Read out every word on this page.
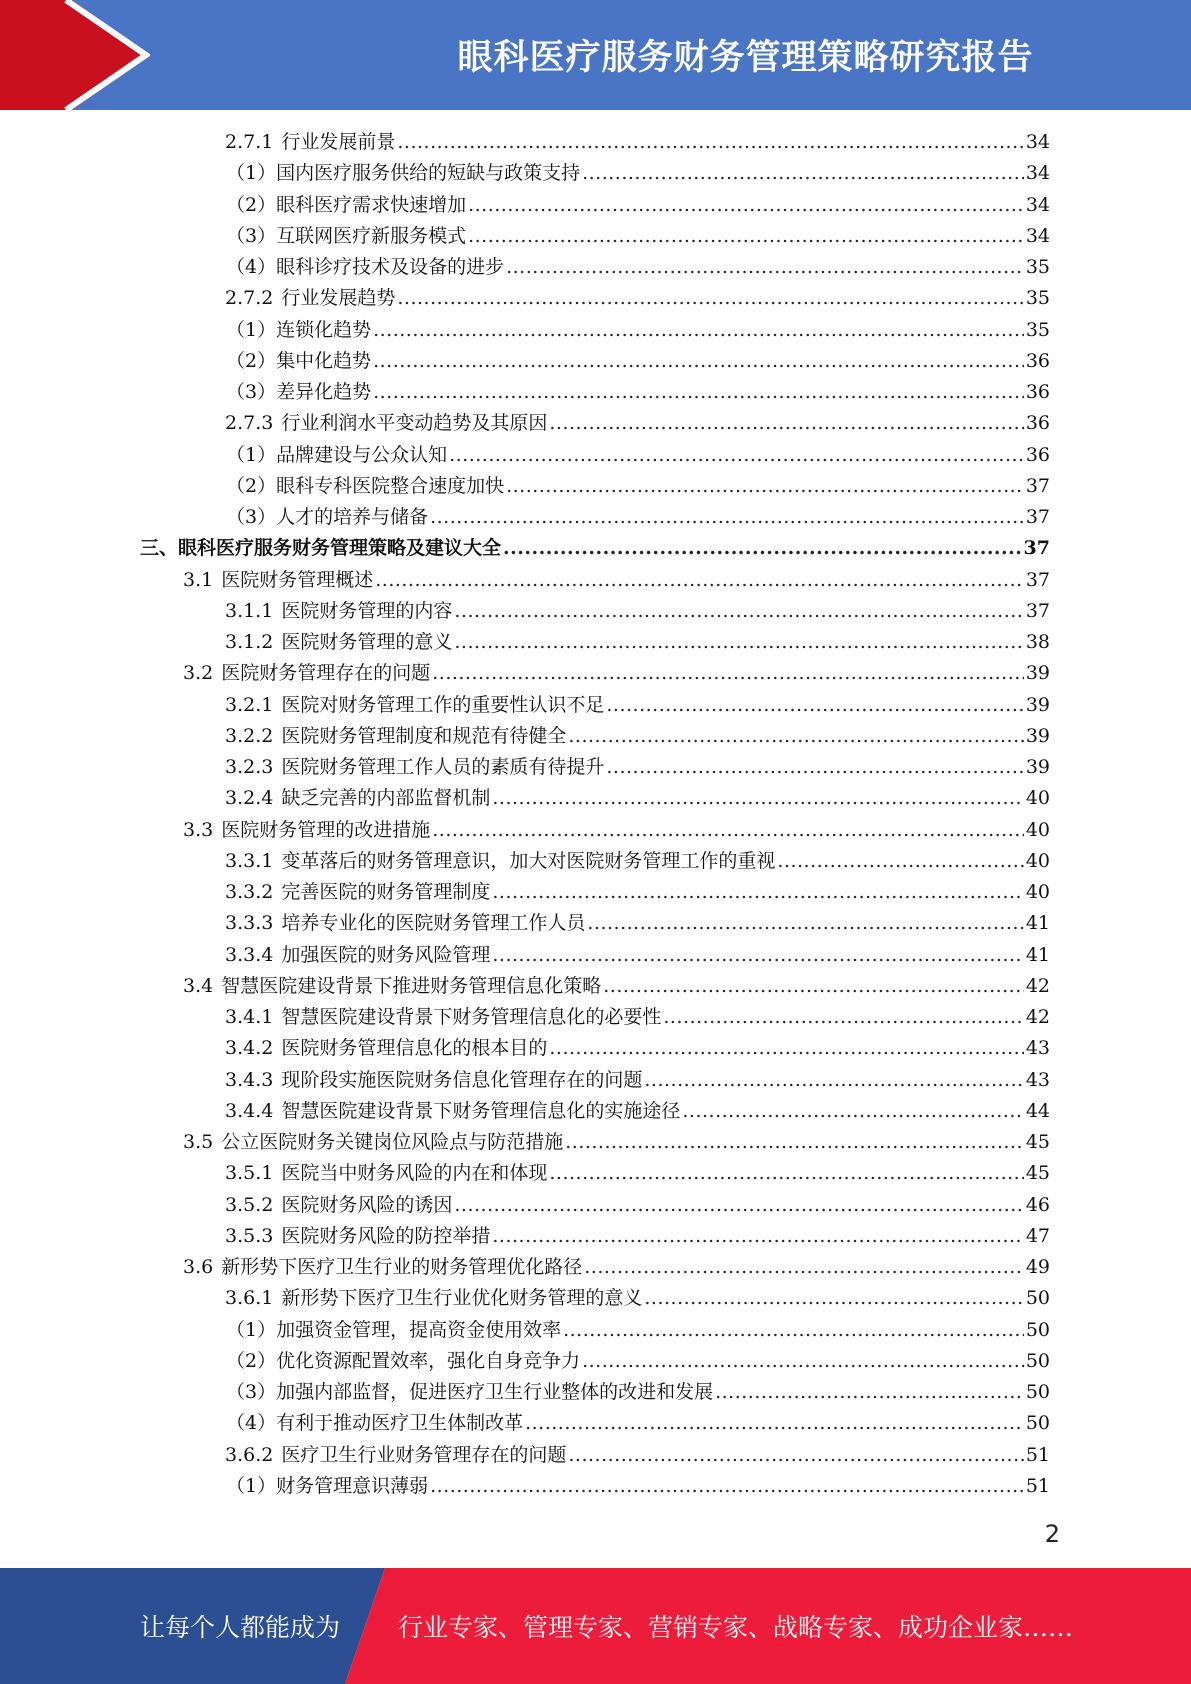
眼科医疗服务财务管理策略研究报告
2.7.1 行业发展前景 .....	34
（1）国内医疗服务供给的短缺与政策支持 .....	34
（2）眼科医疗需求快速增加 .....	34
（3）互联网医疗新服务模式 .....	34
（4）眼科诊疗技术及设备的进步 .....	35
2.7.2 行业发展趋势 .....	35
（1）连锁化趋势 .....	35
（2）集中化趋势 .....	36
（3）差异化趋势 .....	36
2.7.3 行业利润水平变动趋势及其原因 .....	36
（1）品牌建设与公众认知 .....	36
（2）眼科专科医院整合速度加快 .....	37
（3）人才的培养与储备 .....	37
三、眼科医疗服务财务管理策略及建议大全 .....	37
3.1 医院财务管理概述 .....	37
3.1.1 医院财务管理的内容 .....	37
3.1.2 医院财务管理的意义 .....	38
3.2 医院财务管理存在的问题 .....	39
3.2.1 医院对财务管理工作的重要性认识不足 .....	39
3.2.2 医院财务管理制度和规范有待健全 .....	39
3.2.3 医院财务管理工作人员的素质有待提升 .....	39
3.2.4 缺乏完善的内部监督机制 .....	40
3.3 医院财务管理的改进措施 .....	40
3.3.1 变革落后的财务管理意识，加大对医院财务管理工作的重视 .....	40
3.3.2 完善医院的财务管理制度 .....	40
3.3.3 培养专业化的医院财务管理工作人员 .....	41
3.3.4 加强医院的财务风险管理 .....	41
3.4 智慧医院建设背景下推进财务管理信息化策略 .....	42
3.4.1 智慧医院建设背景下财务管理信息化的必要性 .....	42
3.4.2 医院财务管理信息化的根本目的 .....	43
3.4.3 现阶段实施医院财务信息化管理存在的问题 .....	43
3.4.4 智慧医院建设背景下财务管理信息化的实施途径 .....	44
3.5 公立医院财务关键岗位风险点与防范措施 .....	45
3.5.1 医院当中财务风险的内在和体现 .....	45
3.5.2 医院财务风险的诱因 .....	46
3.5.3 医院财务风险的防控举措 .....	47
3.6 新形势下医疗卫生行业的财务管理优化路径 .....	49
3.6.1 新形势下医疗卫生行业优化财务管理的意义 .....	50
（1）加强资金管理，提高资金使用效率 .....	50
（2）优化资源配置效率，强化自身竞争力 .....	50
（3）加强内部监督，促进医疗卫生行业整体的改进和发展 .....	50
（4）有利于推动医疗卫生体制改革 .....	50
3.6.2 医疗卫生行业财务管理存在的问题 .....	51
（1）财务管理意识薄弱 .....	51
2
让每个人都能成为	行业专家、管理专家、营销专家、战略专家、成功企业家……
